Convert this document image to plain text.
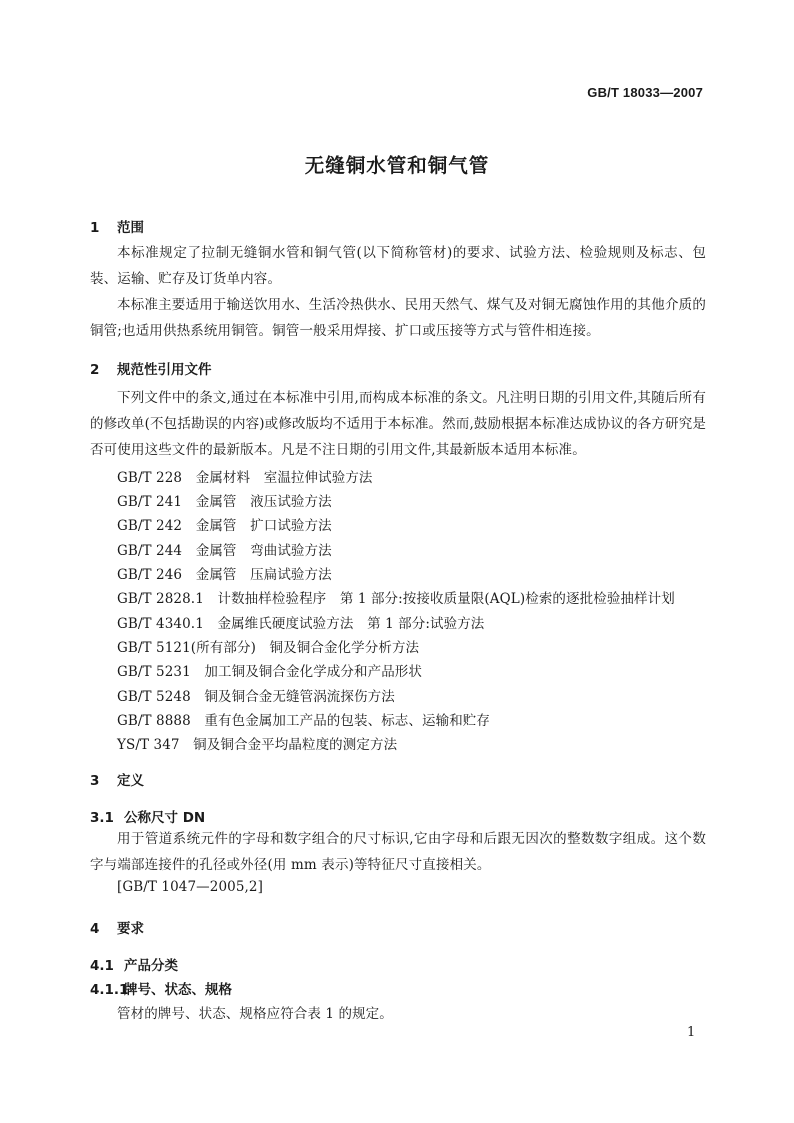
GB/T 18033—2007
无缝铜水管和铜气管
1 范围
本标准规定了拉制无缝铜水管和铜气管(以下简称管材)的要求、试验方法、检验规则及标志、包装、运输、贮存及订货单内容。
本标准主要适用于输送饮用水、生活冷热供水、民用天然气、煤气及对铜无腐蚀作用的其他介质的铜管;也适用供热系统用铜管。铜管一般采用焊接、扩口或压接等方式与管件相连接。
2 规范性引用文件
下列文件中的条文,通过在本标准中引用,而构成本标准的条文。凡注明日期的引用文件,其随后所有的修改单(不包括勘误的内容)或修改版均不适用于本标准。然而,鼓励根据本标准达成协议的各方研究是否可使用这些文件的最新版本。凡是不注日期的引用文件,其最新版本适用本标准。
GB/T 228　金属材料　室温拉伸试验方法
GB/T 241　金属管　液压试验方法
GB/T 242　金属管　扩口试验方法
GB/T 244　金属管　弯曲试验方法
GB/T 246　金属管　压扁试验方法
GB/T 2828.1　计数抽样检验程序　第 1 部分:按接收质量限(AQL)检索的逐批检验抽样计划
GB/T 4340.1　金属维氏硬度试验方法　第 1 部分:试验方法
GB/T 5121(所有部分)　铜及铜合金化学分析方法
GB/T 5231　加工铜及铜合金化学成分和产品形状
GB/T 5248　铜及铜合金无缝管涡流探伤方法
GB/T 8888　重有色金属加工产品的包装、标志、运输和贮存
YS/T 347　铜及铜合金平均晶粒度的测定方法
3 定义
3.1 公称尺寸 DN
用于管道系统元件的字母和数字组合的尺寸标识,它由字母和后跟无因次的整数数字组成。这个数字与端部连接件的孔径或外径(用 mm 表示)等特征尺寸直接相关。
[GB/T 1047—2005,2]
4 要求
4.1 产品分类
4.1.1牌号、状态、规格
管材的牌号、状态、规格应符合表 1 的规定。
1
